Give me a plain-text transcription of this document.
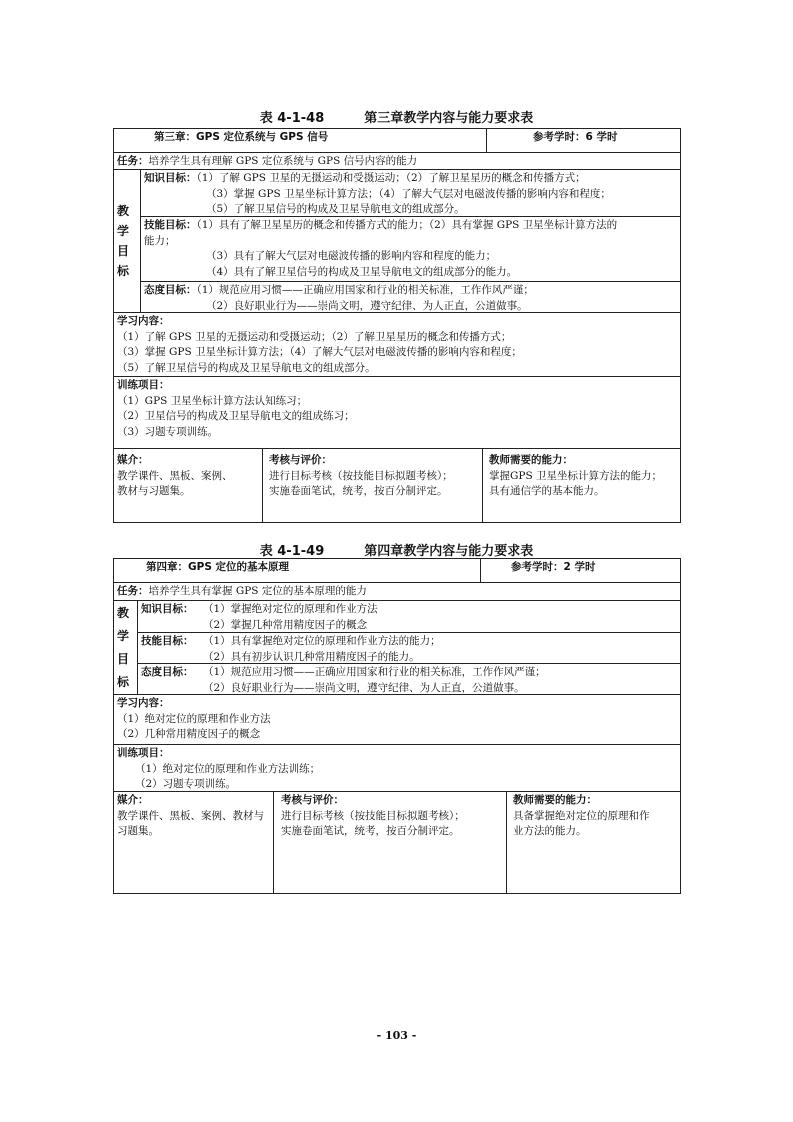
表 4-1-48	第三章教学内容与能力要求表
第三章：GPS 定位系统与 GPS 信号	参考学时：6 学时
任务：培养学生具有理解 GPS 定位系统与 GPS 信号内容的能力
教学目标
知识目标：（1）了解 GPS 卫星的无摄运动和受摄运动；（2）了解卫星星历的概念和传播方式；
（3）掌握 GPS 卫星坐标计算方法；（4）了解大气层对电磁波传播的影响内容和程度；
（5）了解卫星信号的构成及卫星导航电文的组成部分。
技能目标：（1）具有了解卫星星历的概念和传播方式的能力；（2）具有掌握 GPS 卫星坐标计算方法的
能力；
（3）具有了解大气层对电磁波传播的影响内容和程度的能力；
（4）具有了解卫星信号的构成及卫星导航电文的组成部分的能力。
态度目标：（1）规范应用习惯——正确应用国家和行业的相关标准，工作作风严谨；
（2）良好职业行为——崇尚文明，遵守纪律、为人正直，公道做事。
学习内容：
（1）了解 GPS 卫星的无摄运动和受摄运动；（2）了解卫星星历的概念和传播方式；
（3）掌握 GPS 卫星坐标计算方法；（4）了解大气层对电磁波传播的影响内容和程度；
（5）了解卫星信号的构成及卫星导航电文的组成部分。
训练项目：
（1）GPS 卫星坐标计算方法认知练习；
（2）卫星信号的构成及卫星导航电文的组成练习；
（3）习题专项训练。
媒介：
教学课件、黑板、案例、
教材与习题集。
考核与评价：
进行目标考核（按技能目标拟题考核）；
实施卷面笔试，统考，按百分制评定。
教师需要的能力：
掌握GPS 卫星坐标计算方法的能力；
具有通信学的基本能力。
表 4-1-49	第四章教学内容与能力要求表
第四章：GPS 定位的基本原理	参考学时：2 学时
任务：培养学生具有掌握 GPS 定位的基本原理的能力
教学目标
知识目标： （1）掌握绝对定位的原理和作业方法
（2）掌握几种常用精度因子的概念
技能目标： （1）具有掌握绝对定位的原理和作业方法的能力；
（2）具有初步认识几种常用精度因子的能力。
态度目标： （1）规范应用习惯——正确应用国家和行业的相关标准，工作作风严谨；
（2）良好职业行为——崇尚文明，遵守纪律、为人正直，公道做事。
学习内容：
（1）绝对定位的原理和作业方法
（2）几种常用精度因子的概念
训练项目：
（1）绝对定位的原理和作业方法训练；
（2）习题专项训练。
媒介：
教学课件、黑板、案例、教材与
习题集。
考核与评价：
进行目标考核（按技能目标拟题考核）；
实施卷面笔试，统考，按百分制评定。
教师需要的能力：
具备掌握绝对定位的原理和作
业方法的能力。
- 103 -
